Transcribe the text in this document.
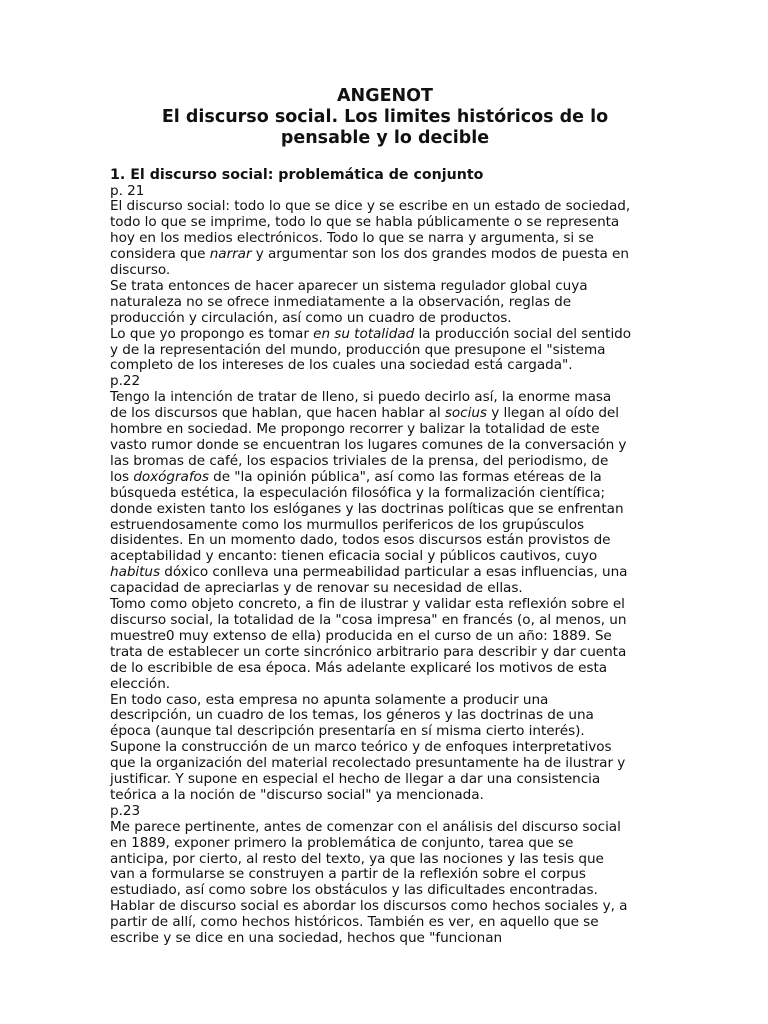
ANGENOT
El discurso social. Los limites históricos de lo
pensable y lo decible
1. El discurso social: problemática de conjunto
p. 21
El discurso social: todo lo que se dice y se escribe en un estado de sociedad,
todo lo que se imprime, todo lo que se habla públicamente o se representa
hoy en los medios electrónicos. Todo lo que se narra y argumenta, si se
considera que narrar y argumentar son los dos grandes modos de puesta en
discurso.
Se trata entonces de hacer aparecer un sistema regulador global cuya
naturaleza no se ofrece inmediatamente a la observación, reglas de
producción y circulación, así como un cuadro de productos.
Lo que yo propongo es tomar en su totalidad la producción social del sentido
y de la representación del mundo, producción que presupone el "sistema
completo de los intereses de los cuales una sociedad está cargada".
p.22
Tengo la intención de tratar de lleno, si puedo decirlo así, la enorme masa
de los discursos que hablan, que hacen hablar al socius y llegan al oído del
hombre en sociedad. Me propongo recorrer y balizar la totalidad de este
vasto rumor donde se encuentran los lugares comunes de la conversación y
las bromas de café, los espacios triviales de la prensa, del periodismo, de
los doxógrafos de "la opinión pública", así como las formas etéreas de la
búsqueda estética, la especulación filosófica y la formalización científica;
donde existen tanto los eslóganes y las doctrinas políticas que se enfrentan
estruendosamente como los murmullos perifericos de los grupúsculos
disidentes. En un momento dado, todos esos discursos están provistos de
aceptabilidad y encanto: tienen eficacia social y públicos cautivos, cuyo
habitus dóxico conlleva una permeabilidad particular a esas influencias, una
capacidad de apreciarlas y de renovar su necesidad de ellas.
Tomo como objeto concreto, a fin de ilustrar y validar esta reflexión sobre el
discurso social, la totalidad de la "cosa impresa" en francés (o, al menos, un
muestre0 muy extenso de ella) producida en el curso de un año: 1889. Se
trata de establecer un corte sincrónico arbitrario para describir y dar cuenta
de lo escribible de esa época. Más adelante explicaré los motivos de esta
elección.
En todo caso, esta empresa no apunta solamente a producir una
descripción, un cuadro de los temas, los géneros y las doctrinas de una
época (aunque tal descripción presentaría en sí misma cierto interés).
Supone la construcción de un marco teórico y de enfoques interpretativos
que la organización del material recolectado presuntamente ha de ilustrar y
justificar. Y supone en especial el hecho de llegar a dar una consistencia
teórica a la noción de "discurso social" ya mencionada.
p.23
Me parece pertinente, antes de comenzar con el análisis del discurso social
en 1889, exponer primero la problemática de conjunto, tarea que se
anticipa, por cierto, al resto del texto, ya que las nociones y las tesis que
van a formularse se construyen a partir de la reflexión sobre el corpus
estudiado, así como sobre los obstáculos y las dificultades encontradas.
Hablar de discurso social es abordar los discursos como hechos sociales y, a
partir de allí, como hechos históricos. También es ver, en aquello que se
escribe y se dice en una sociedad, hechos que "funcionan
